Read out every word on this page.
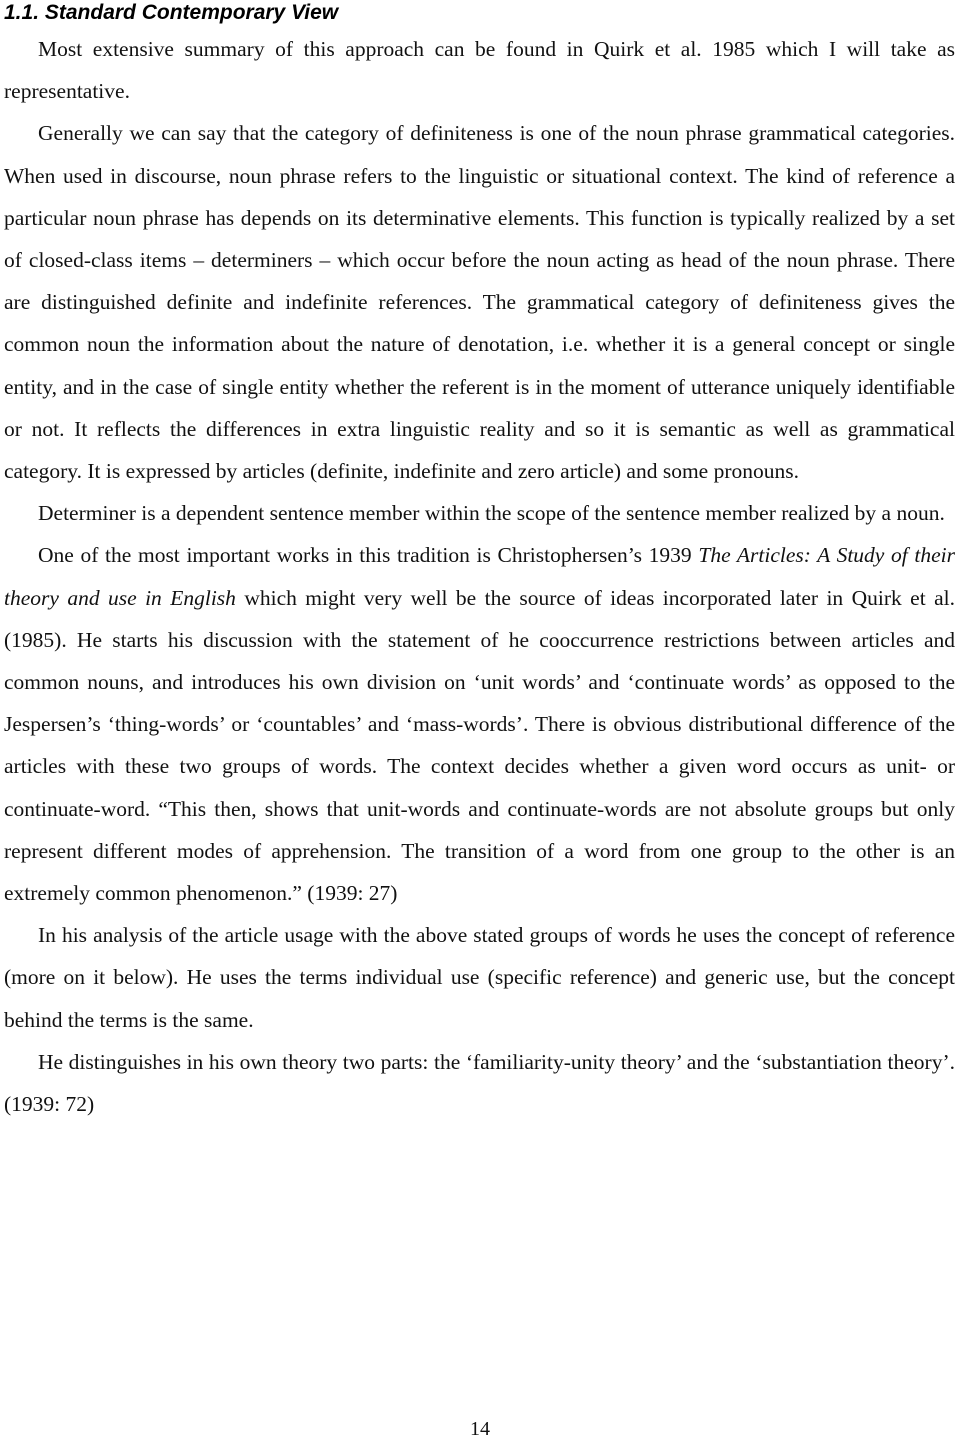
1.1. Standard Contemporary View

Most extensive summary of this approach can be found in Quirk et al. 1985 which I will take as representative.

Generally we can say that the category of definiteness is one of the noun phrase grammatical categories. When used in discourse, noun phrase refers to the linguistic or situational context. The kind of reference a particular noun phrase has depends on its determinative elements. This function is typically realized by a set of closed-class items – determiners – which occur before the noun acting as head of the noun phrase. There are distinguished definite and indefinite references. The grammatical category of definiteness gives the common noun the information about the nature of denotation, i.e. whether it is a general concept or single entity, and in the case of single entity whether the referent is in the moment of utterance uniquely identifiable or not. It reflects the differences in extra linguistic reality and so it is semantic as well as grammatical category. It is expressed by articles (definite, indefinite and zero article) and some pronouns.

Determiner is a dependent sentence member within the scope of the sentence member realized by a noun.

One of the most important works in this tradition is Christophersen’s 1939 The Articles: A Study of their theory and use in English which might very well be the source of ideas incorporated later in Quirk et al. (1985). He starts his discussion with the statement of he cooccurrence restrictions between articles and common nouns, and introduces his own division on ‘unit words’ and ‘continuate words’ as opposed to the Jespersen’s ‘thing-words’ or ‘countables’ and ‘mass-words’. There is obvious distributional difference of the articles with these two groups of words. The context decides whether a given word occurs as unit- or continuate-word. “This then, shows that unit-words and continuate-words are not absolute groups but only represent different modes of apprehension. The transition of a word from one group to the other is an extremely common phenomenon.” (1939: 27)

In his analysis of the article usage with the above stated groups of words he uses the concept of reference (more on it below). He uses the terms individual use (specific reference) and generic use, but the concept behind the terms is the same.

He distinguishes in his own theory two parts: the ‘familiarity-unity theory’ and the ‘substantiation theory’. (1939: 72)

14
